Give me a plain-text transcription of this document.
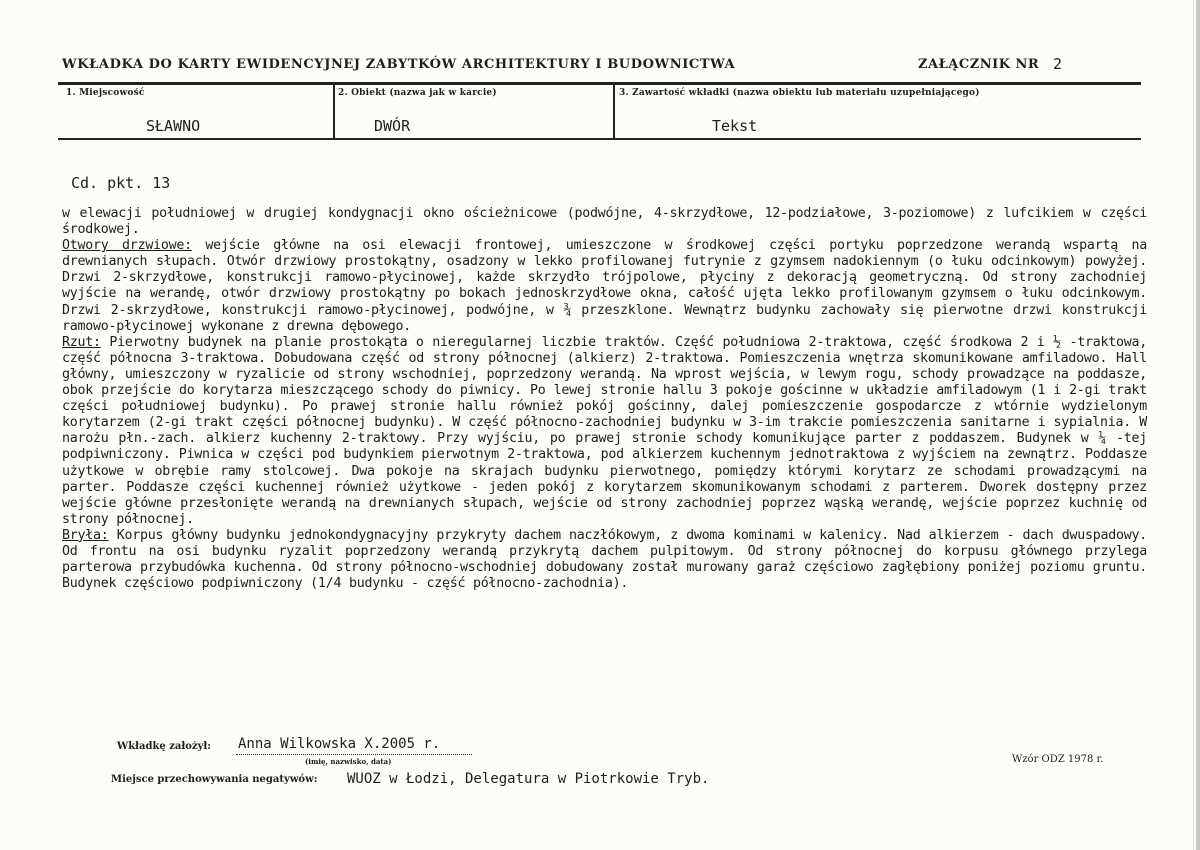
WKŁADKA DO KARTY EWIDENCYJNEJ ZABYTKÓW ARCHITEKTURY I BUDOWNICTWA	ZAŁĄCZNIK NR 2
1. Miejscowość	2. Obiekt (nazwa jak w karcie)	3. Zawartość wkładki (nazwa obiektu lub materiału uzupełniającego)
SŁAWNO	DWÓR	Tekst
Cd. pkt. 13

w elewacji południowej w drugiej kondygnacji okno ościeżnicowe (podwójne, 4-skrzydłowe, 12-podziałowe, 3-poziomowe) z lufcikiem w części środkowej.

Otwory drzwiowe: wejście główne na osi elewacji frontowej, umieszczone w środkowej części portyku poprzedzone werandą wspartą na drewnianych słupach. Otwór drzwiowy prostokątny, osadzony w lekko profilowanej futrynie z gzymsem nadokiennym (o łuku odcinkowym) powyżej. Drzwi 2-skrzydłowe, konstrukcji ramowo-płycinowej, każde skrzydło trójpolowe, płyciny z dekoracją geometryczną. Od strony zachodniej wyjście na werandę, otwór drzwiowy prostokątny po bokach jednoskrzydłowe okna, całość ujęta lekko profilowanym gzymsem o łuku odcinkowym. Drzwi 2-skrzydłowe, konstrukcji ramowo-płycinowej, podwójne, w ¾ przeszklone. Wewnątrz budynku zachowały się pierwotne drzwi konstrukcji ramowo-płycinowej wykonane z drewna dębowego.

Rzut: Pierwotny budynek na planie prostokąta o nieregularnej liczbie traktów. Część południowa 2-traktowa, część środkowa 2 i ½ -traktowa, część północna 3-traktowa. Dobudowana część od strony północnej (alkierz) 2-traktowa. Pomieszczenia wnętrza skomunikowane amfiladowo. Hall główny, umieszczony w ryzalicie od strony wschodniej, poprzedzony werandą. Na wprost wejścia, w lewym rogu, schody prowadzące na poddasze, obok przejście do korytarza mieszczącego schody do piwnicy. Po lewej stronie hallu 3 pokoje gościnne w układzie amfiladowym (1 i 2-gi trakt części południowej budynku). Po prawej stronie hallu również pokój gościnny, dalej pomieszczenie gospodarcze z wtórnie wydzielonym korytarzem (2-gi trakt części północnej budynku). W część północno-zachodniej budynku w 3-im trakcie pomieszczenia sanitarne i sypialnia. W narożu płn.-zach. alkierz kuchenny 2-traktowy. Przy wyjściu, po prawej stronie schody komunikujące parter z poddaszem. Budynek w ¼ -tej podpiwniczony. Piwnica w części pod budynkiem pierwotnym 2-traktowa, pod alkierzem kuchennym jednotraktowa z wyjściem na zewnątrz. Poddasze użytkowe w obrębie ramy stolcowej. Dwa pokoje na skrajach budynku pierwotnego, pomiędzy którymi korytarz ze schodami prowadzącymi na parter. Poddasze części kuchennej również użytkowe - jeden pokój z korytarzem skomunikowanym schodami z parterem. Dworek dostępny przez wejście główne przesłonięte werandą na drewnianych słupach, wejście od strony zachodniej poprzez wąską werandę, wejście poprzez kuchnię od strony północnej.

Bryła: Korpus główny budynku jednokondygnacyjny przykryty dachem naczłókowym, z dwoma kominami w kalenicy. Nad alkierzem - dach dwuspadowy. Od frontu na osi budynku ryzalit poprzedzony werandą przykrytą dachem pulpitowym. Od strony północnej do korpusu głównego przylega parterowa przybudówka kuchenna. Od strony północno-wschodniej dobudowany został murowany garaż częściowo zagłębiony poniżej poziomu gruntu. Budynek częściowo podpiwniczony (1/4 budynku - część północno-zachodnia).

Wkładkę założył: Anna Wilkowska X.2005 r.
(imię, nazwisko, data)	Wzór ODZ 1978 r.
Miejsce przechowywania negatywów: WUOZ w Łodzi, Delegatura w Piotrkowie Tryb.
